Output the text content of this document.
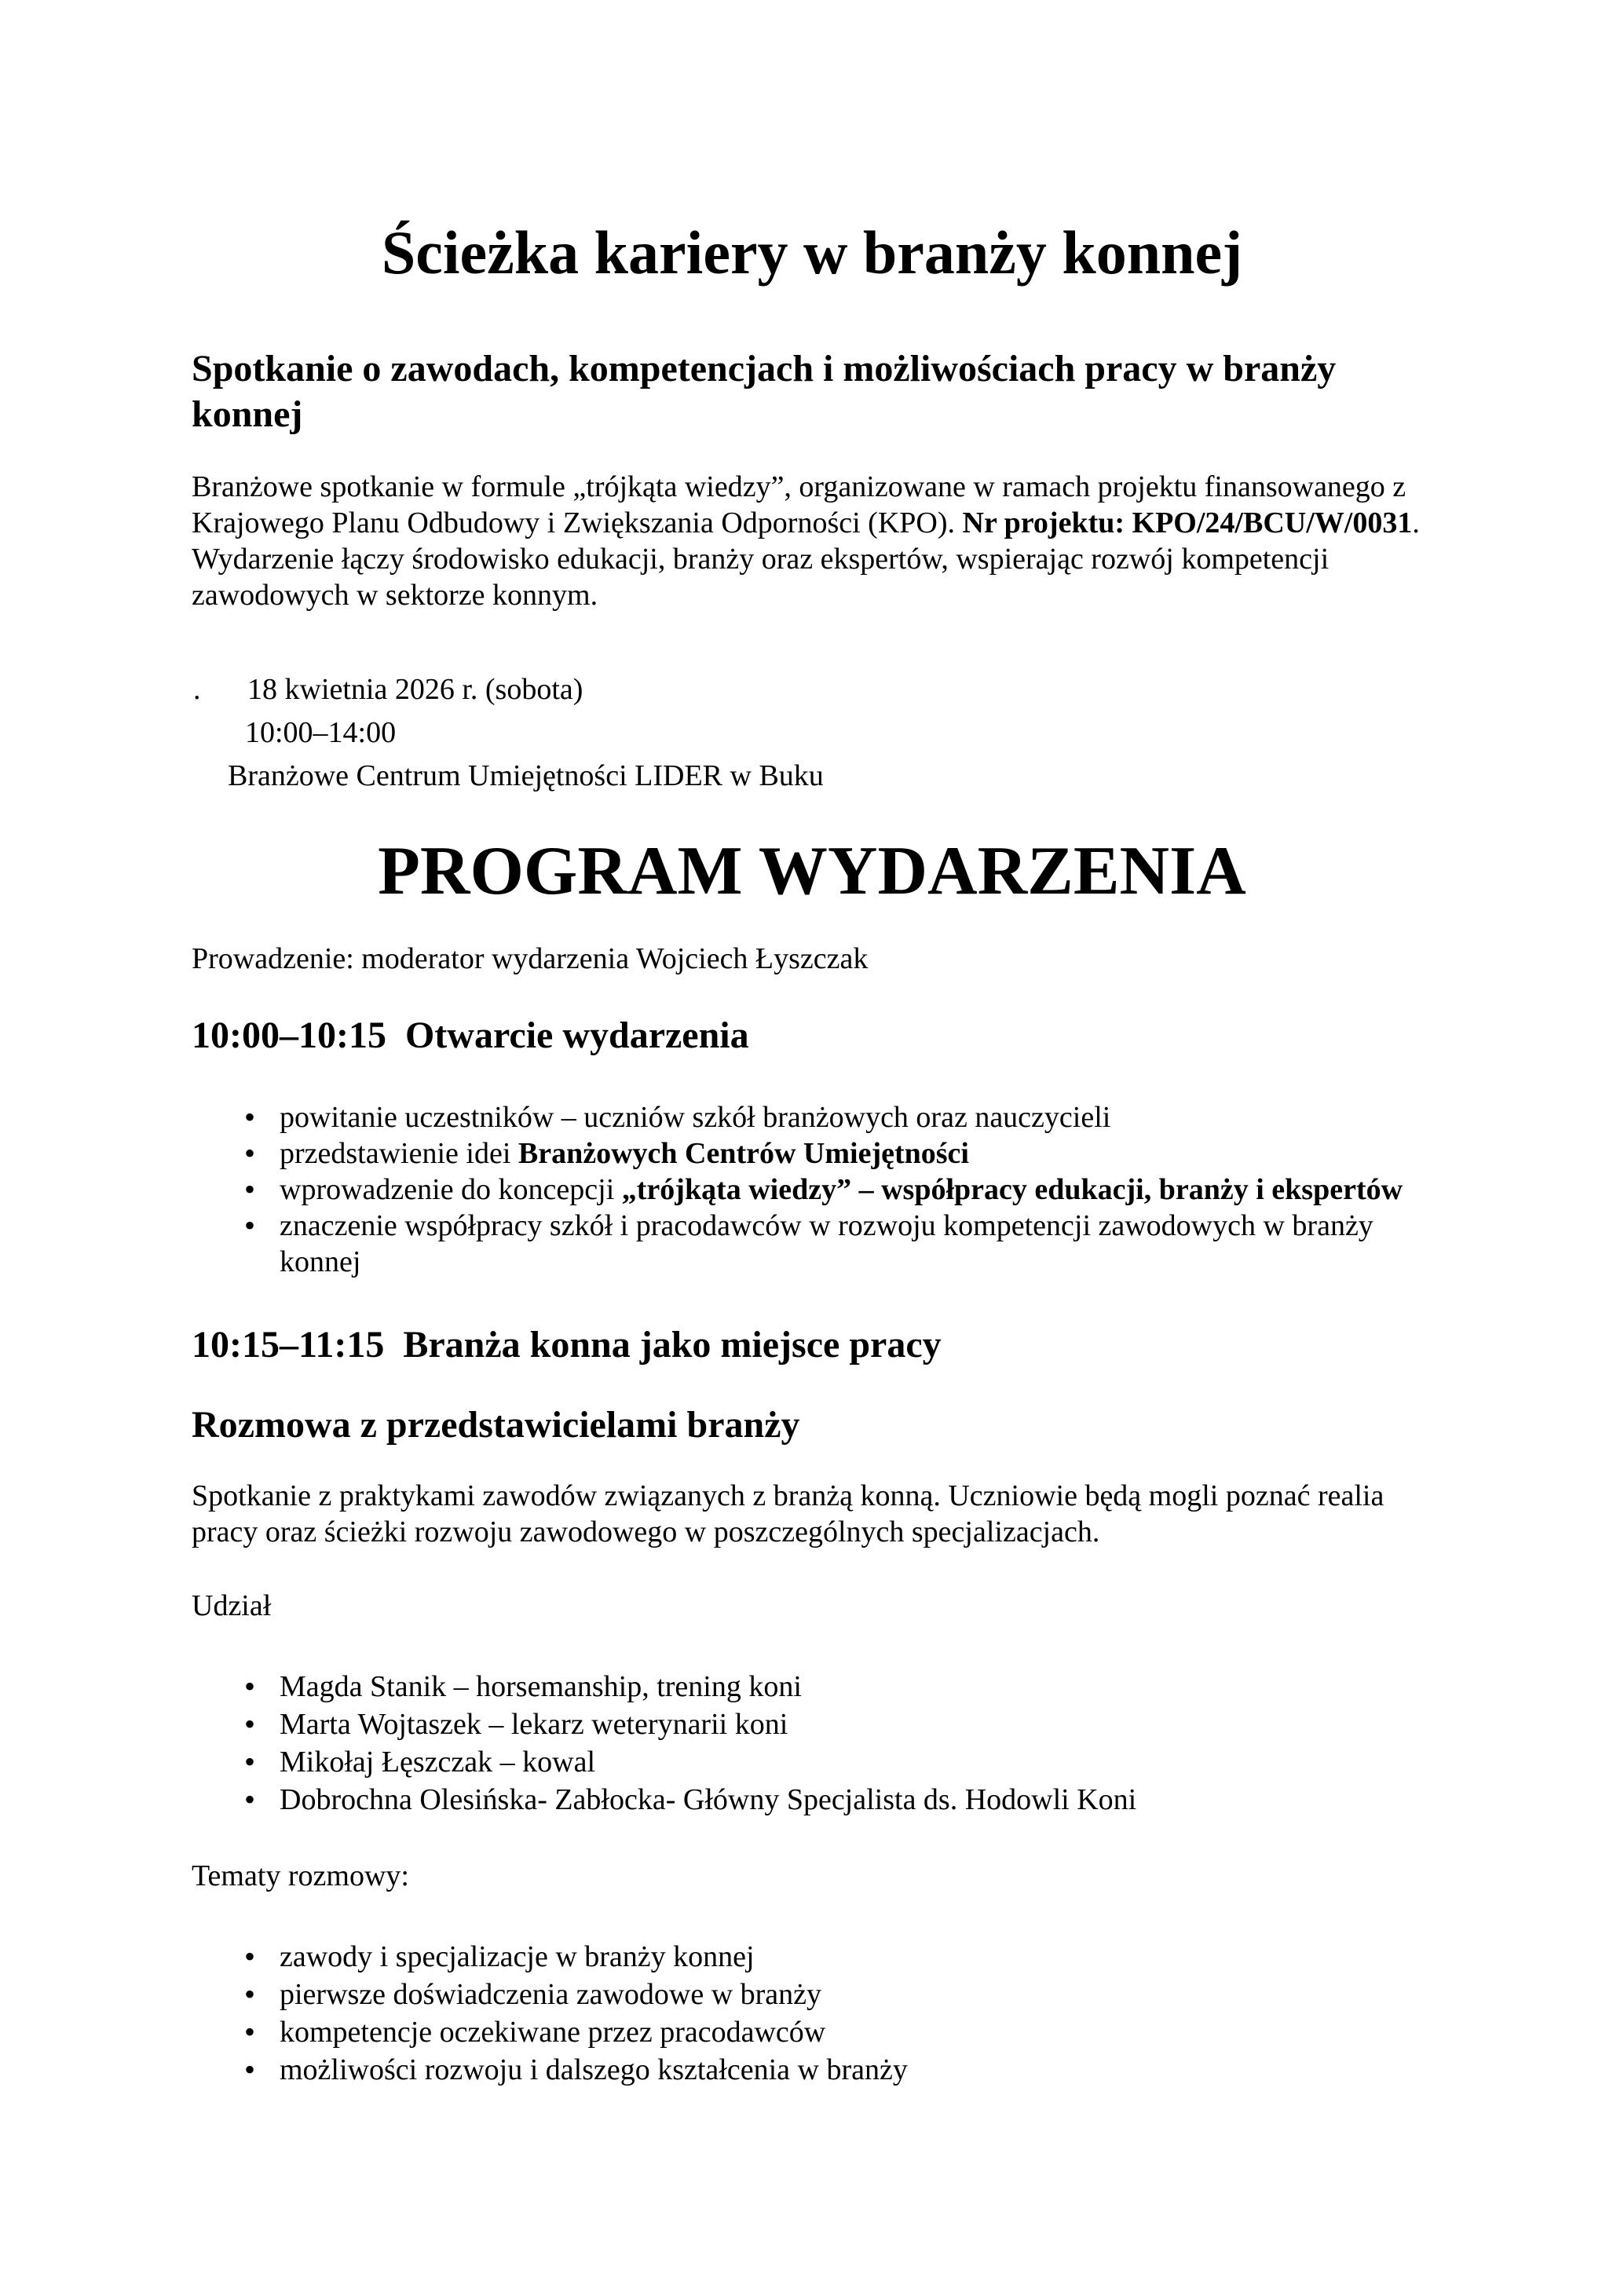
Ścieżka kariery w branży konnej
Spotkanie o zawodach, kompetencjach i możliwościach pracy w branży konnej

Branżowe spotkanie w formule „trójkąta wiedzy”, organizowane w ramach projektu finansowanego z Krajowego Planu Odbudowy i Zwiększania Odporności (KPO). Nr projektu: KPO/24/BCU/W/0031.
Wydarzenie łączy środowisko edukacji, branży oraz ekspertów, wspierając rozwój kompetencji zawodowych w sektorze konnym.

. 18 kwietnia 2026 r. (sobota)
10:00–14:00
Branżowe Centrum Umiejętności LIDER w Buku
PROGRAM WYDARZENIA

Prowadzenie: moderator wydarzenia Wojciech Łyszczak

10:00–10:15 Otwarcie wydarzenia
• powitanie uczestników – uczniów szkół branżowych oraz nauczycieli
• przedstawienie idei Branżowych Centrów Umiejętności
• wprowadzenie do koncepcji „trójkąta wiedzy” – współpracy edukacji, branży i ekspertów
• znaczenie współpracy szkół i pracodawców w rozwoju kompetencji zawodowych w branży konnej
10:15–11:15 Branża konna jako miejsce pracy
Rozmowa z przedstawicielami branży

Spotkanie z praktykami zawodów związanych z branżą konną. Uczniowie będą mogli poznać realia pracy oraz ścieżki rozwoju zawodowego w poszczególnych specjalizacjach.

Udział

• Magda Stanik – horsemanship, trening koni
• Marta Wojtaszek – lekarz weterynarii koni
• Mikołaj Łęszczak – kowal
• Dobrochna Olesińska- Zabłocka- Główny Specjalista ds. Hodowli Koni

Tematy rozmowy:

• zawody i specjalizacje w branży konnej
• pierwsze doświadczenia zawodowe w branży
• kompetencje oczekiwane przez pracodawców
• możliwości rozwoju i dalszego kształcenia w branży
